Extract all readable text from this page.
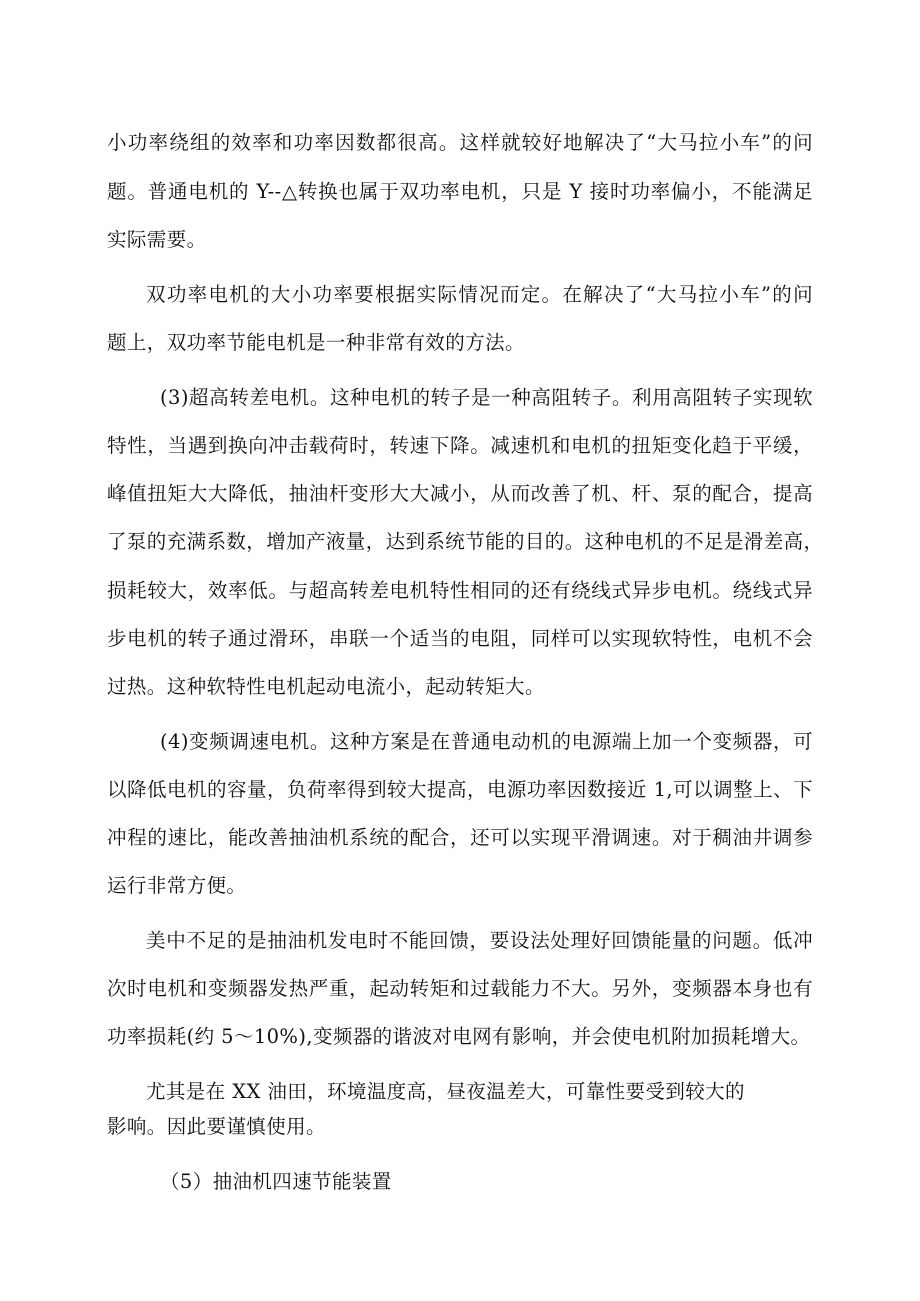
小功率绕组的效率和功率因数都很高。这样就较好地解决了“大马拉小车”的问
题。普通电机的 Y--△转换也属于双功率电机，只是 Y 接时功率偏小，不能满足
实际需要。
双功率电机的大小功率要根据实际情况而定。在解决了“大马拉小车”的问
题上，双功率节能电机是一种非常有效的方法。
(3)超高转差电机。这种电机的转子是一种高阻转子。利用高阻转子实现软
特性，当遇到换向冲击载荷时，转速下降。减速机和电机的扭矩变化趋于平缓，
峰值扭矩大大降低，抽油杆变形大大减小，从而改善了机、杆、泵的配合，提高
了泵的充满系数，增加产液量，达到系统节能的目的。这种电机的不足是滑差高，
损耗较大，效率低。与超高转差电机特性相同的还有绕线式异步电机。绕线式异
步电机的转子通过滑环，串联一个适当的电阻，同样可以实现软特性，电机不会
过热。这种软特性电机起动电流小，起动转矩大。
(4)变频调速电机。这种方案是在普通电动机的电源端上加一个变频器，可
以降低电机的容量，负荷率得到较大提高，电源功率因数接近 1,可以调整上、下
冲程的速比，能改善抽油机系统的配合，还可以实现平滑调速。对于稠油井调参
运行非常方便。
美中不足的是抽油机发电时不能回馈，要设法处理好回馈能量的问题。低冲
次时电机和变频器发热严重，起动转矩和过载能力不大。另外，变频器本身也有
功率损耗(约 5～10%),变频器的谐波对电网有影响，并会使电机附加损耗增大。
尤其是在 XX 油田，环境温度高，昼夜温差大，可靠性要受到较大的
影响。因此要谨慎使用。
（5）抽油机四速节能装置
